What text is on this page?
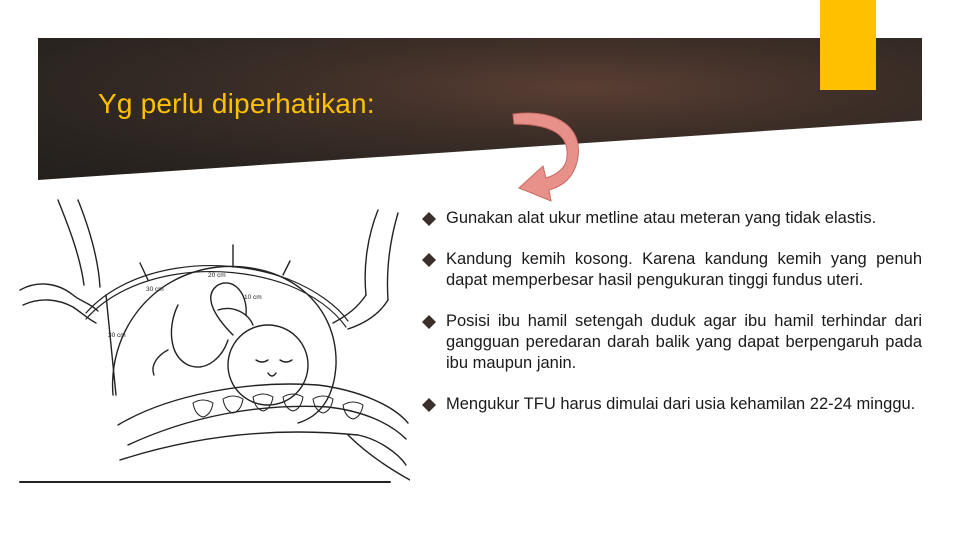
Yg perlu diperhatikan:
20 cm
30 cm
10 cm
30 cm
Gunakan alat ukur metline atau meteran yang tidak elastis.
Kandung kemih kosong. Karena kandung kemih yang penuh dapat memperbesar hasil pengukuran tinggi fundus uteri.
Posisi ibu hamil setengah duduk agar ibu hamil terhindar dari gangguan peredaran darah balik yang dapat berpengaruh pada ibu maupun janin.
Mengukur TFU harus dimulai dari usia kehamilan 22-24 minggu.
